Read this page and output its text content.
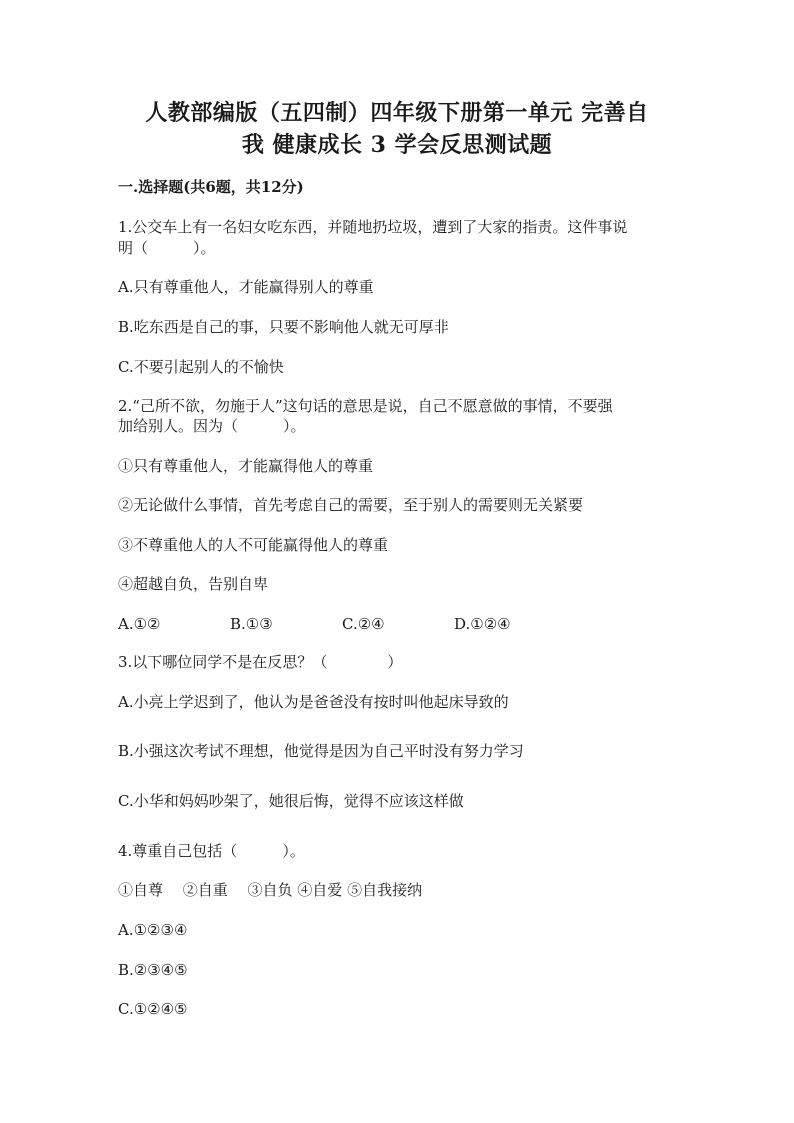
人教部编版（五四制）四年级下册第一单元 完善自
我 健康成长 3 学会反思测试题
一.选择题(共6题，共12分)
1.公交车上有一名妇女吃东西，并随地扔垃圾，遭到了大家的指责。这件事说
明（　　　）。
A.只有尊重他人，才能赢得别人的尊重
B.吃东西是自己的事，只要不影响他人就无可厚非
C.不要引起别人的不愉快
2.“己所不欲，勿施于人”这句话的意思是说，自己不愿意做的事情，不要强
加给别人。因为（　　　）。
①只有尊重他人，才能赢得他人的尊重
②无论做什么事情，首先考虑自己的需要，至于别人的需要则无关紧要
③不尊重他人的人不可能赢得他人的尊重
④超越自负，告别自卑
A.①②	B.①③	C.②④	D.①②④
3.以下哪位同学不是在反思？（　　　　）
A.小亮上学迟到了，他认为是爸爸没有按时叫他起床导致的
B.小强这次考试不理想，他觉得是因为自己平时没有努力学习
C.小华和妈妈吵架了，她很后悔，觉得不应该这样做
4.尊重自己包括（　　　）。
①自尊　 ②自重　 ③自负 ④自爱 ⑤自我接纳
A.①②③④
B.②③④⑤
C.①②④⑤
